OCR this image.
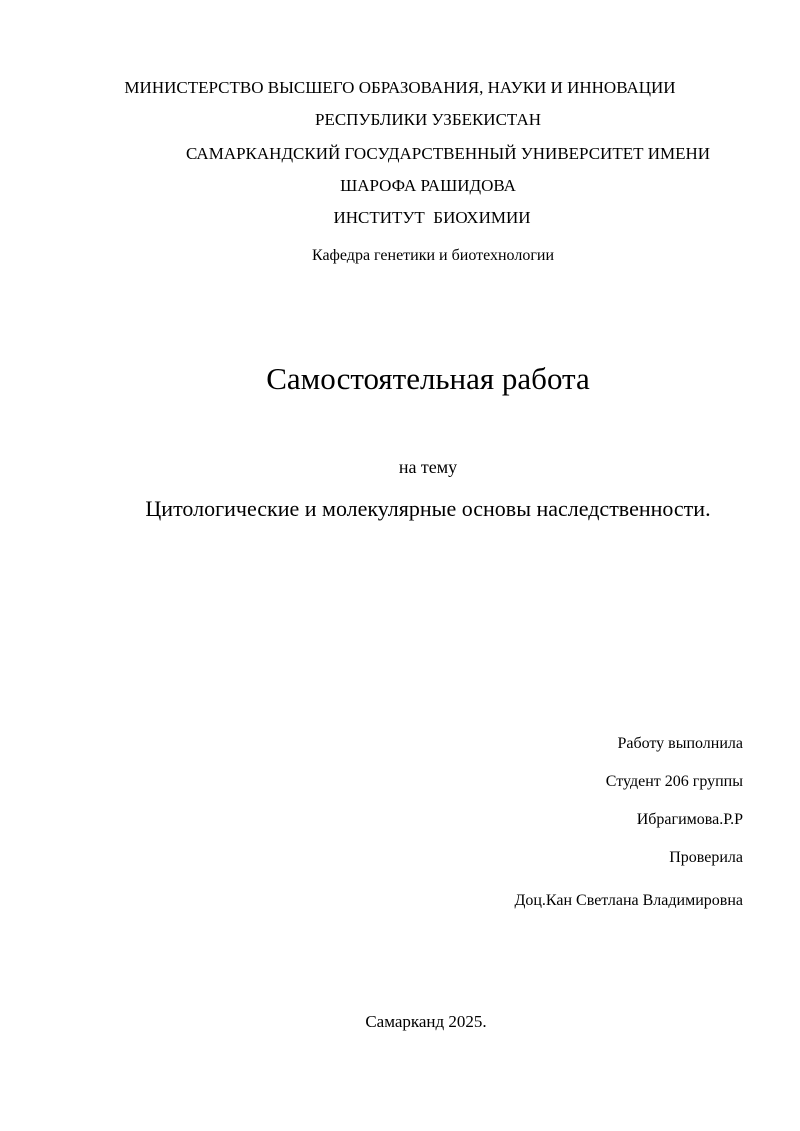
МИНИСТЕРСТВО ВЫСШЕГО ОБРАЗОВАНИЯ, НАУКИ И ИННОВАЦИИ
РЕСПУБЛИКИ УЗБЕКИСТАН
САМАРКАНДСКИЙ ГОСУДАРСТВЕННЫЙ УНИВЕРСИТЕТ ИМЕНИ
ШАРОФА РАШИДОВА
ИНСТИТУТ  БИОХИМИИ
Кафедра генетики и биотехнологии
Самостоятельная работа
на тему
Цитологические и молекулярные основы наследственности.
Работу выполнила
Студент 206 группы
Ибрагимова.Р.Р
Проверила
Доц.Кан Светлана Владимировна
Самарканд 2025.
